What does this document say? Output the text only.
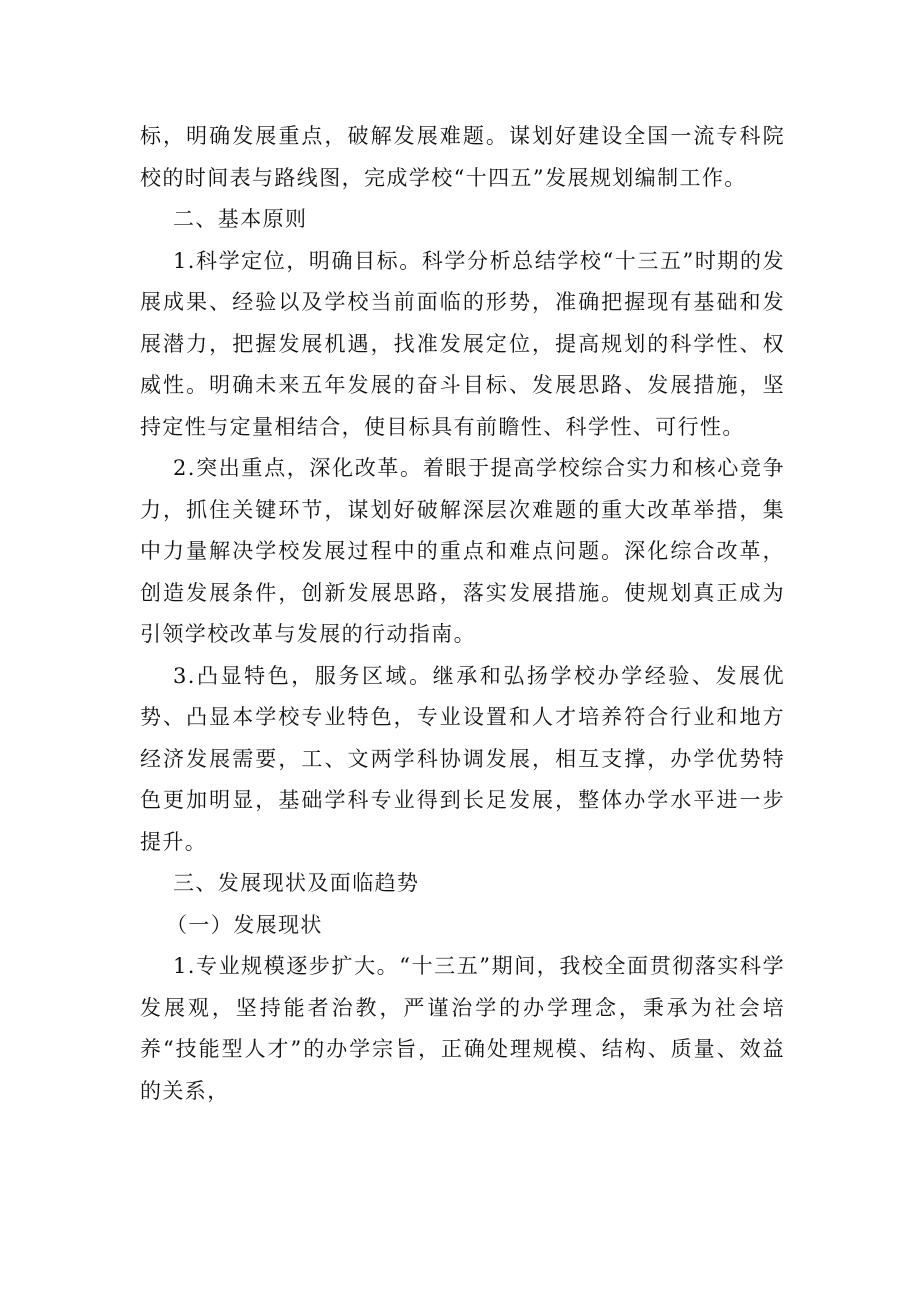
标，明确发展重点，破解发展难题。谋划好建设全国一流专科院校的时间表与路线图，完成学校“十四五”发展规划编制工作。

二、基本原则

1.科学定位，明确目标。科学分析总结学校“十三五”时期的发展成果、经验以及学校当前面临的形势，准确把握现有基础和发展潜力，把握发展机遇，找准发展定位，提高规划的科学性、权威性。明确未来五年发展的奋斗目标、发展思路、发展措施，坚持定性与定量相结合，使目标具有前瞻性、科学性、可行性。

2.突出重点，深化改革。着眼于提高学校综合实力和核心竞争力，抓住关键环节，谋划好破解深层次难题的重大改革举措，集中力量解决学校发展过程中的重点和难点问题。深化综合改革，创造发展条件，创新发展思路，落实发展措施。使规划真正成为引领学校改革与发展的行动指南。

3.凸显特色，服务区域。继承和弘扬学校办学经验、发展优势、凸显本学校专业特色，专业设置和人才培养符合行业和地方经济发展需要，工、文两学科协调发展，相互支撑，办学优势特色更加明显，基础学科专业得到长足发展，整体办学水平进一步提升。

三、发展现状及面临趋势

（一）发展现状

1.专业规模逐步扩大。“十三五”期间，我校全面贯彻落实科学发展观，坚持能者治教，严谨治学的办学理念，秉承为社会培养“技能型人才”的办学宗旨，正确处理规模、结构、质量、效益的关系，
